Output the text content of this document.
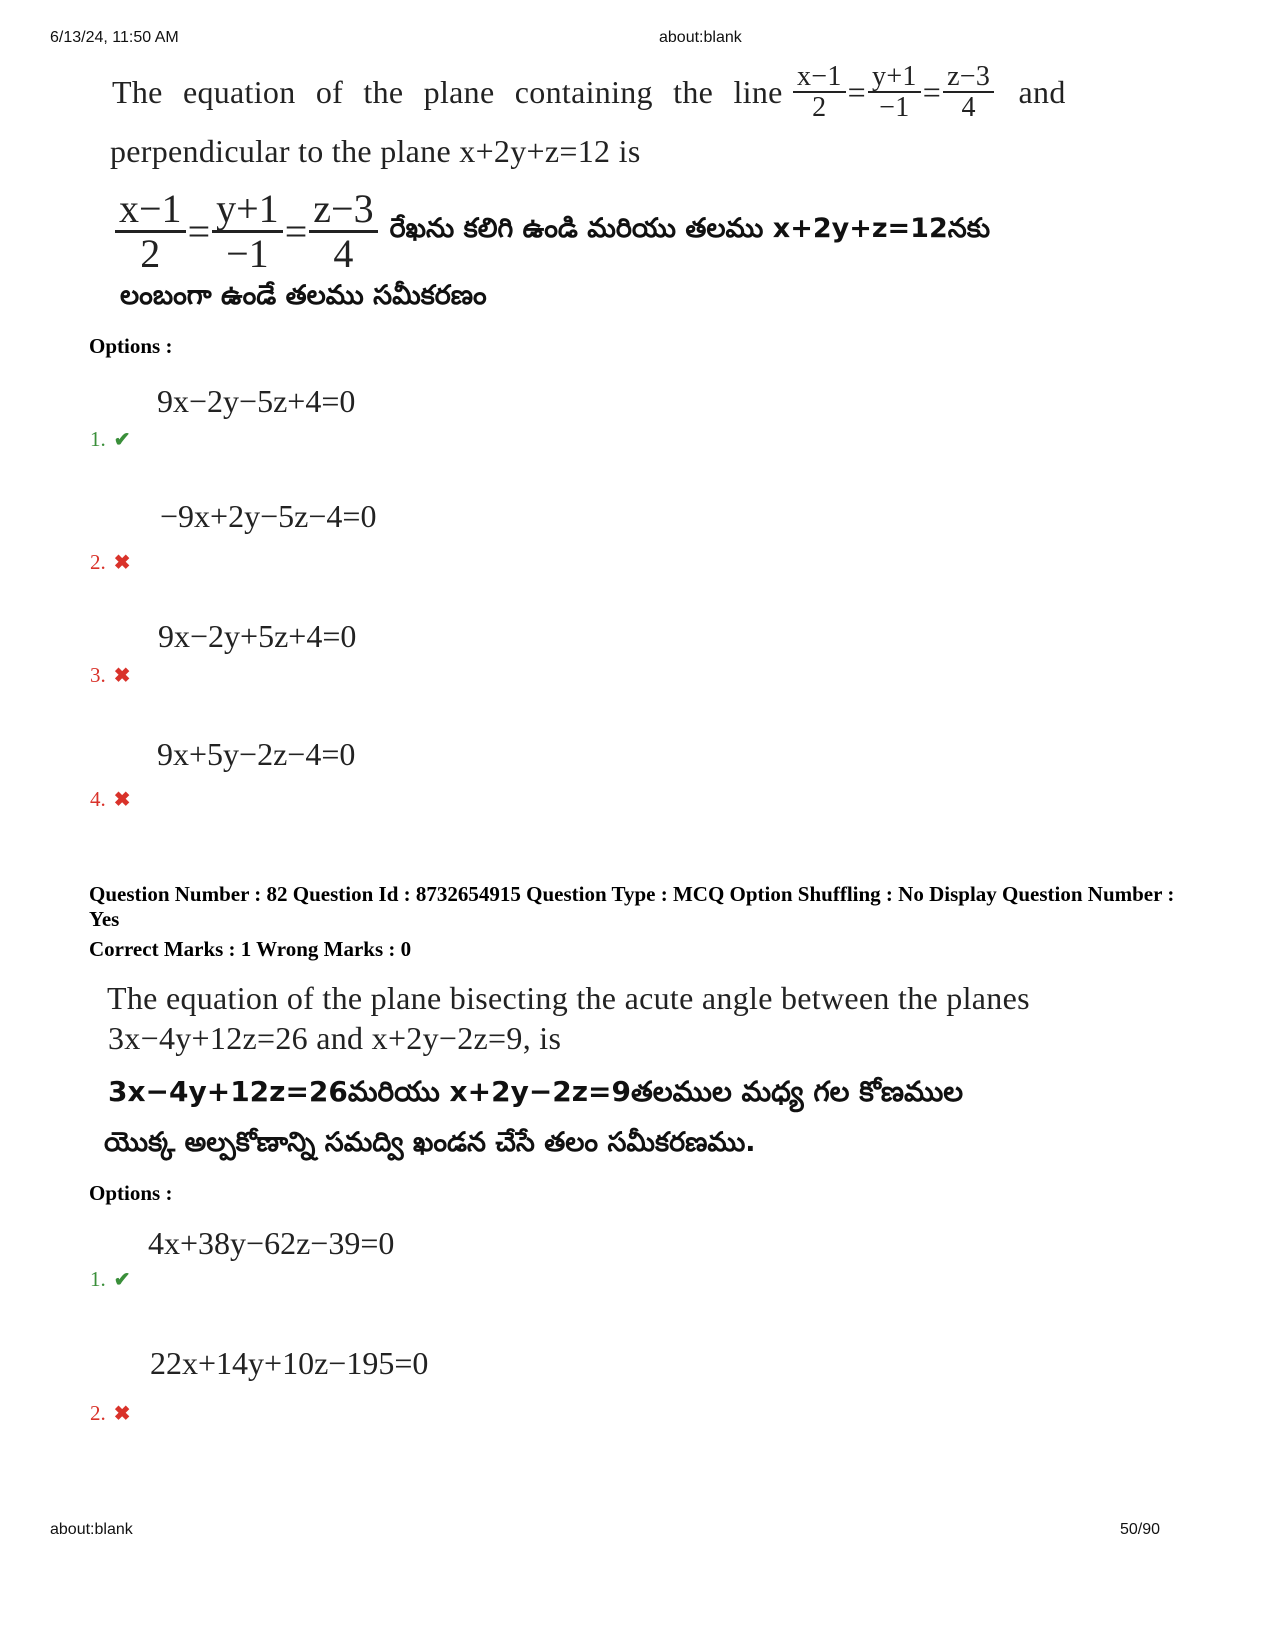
6/13/24, 11:50 AM	about:blank
The equation of the plane containing the line $\frac{x-1}{2} = \frac{y+1}{-1} = \frac{z-3}{4}$ and
perpendicular to the plane x+2y+z=12 is
$\frac{x-1}{2} = \frac{y+1}{-1} = \frac{z-3}{4}$ రేఖను కలిగి ఉండి మరియు తలము x+2y+z=12నకు
లంబంగా ఉండే తలము సమీకరణం
Options :
9x−2y−5z+4=0
1. ✔
−9x+2y−5z−4=0
2. ✖
9x−2y+5z+4=0
3. ✖
9x+5y−2z−4=0
4. ✖
Question Number : 82 Question Id : 8732654915 Question Type : MCQ Option Shuffling : No Display Question Number : Yes
Correct Marks : 1 Wrong Marks : 0
The equation of the plane bisecting the acute angle between the planes
3x−4y+12z=26 and x+2y−2z=9, is
3x−4y+12z=26మరియు x+2y−2z=9తలముల మధ్య గల కోణముల
యొక్క అల్పకోణాన్ని సమద్వి ఖండన చేసే తలం సమీకరణము.
Options :
4x+38y−62z−39=0
1. ✔
22x+14y+10z−195=0
2. ✖
about:blank	50/90
